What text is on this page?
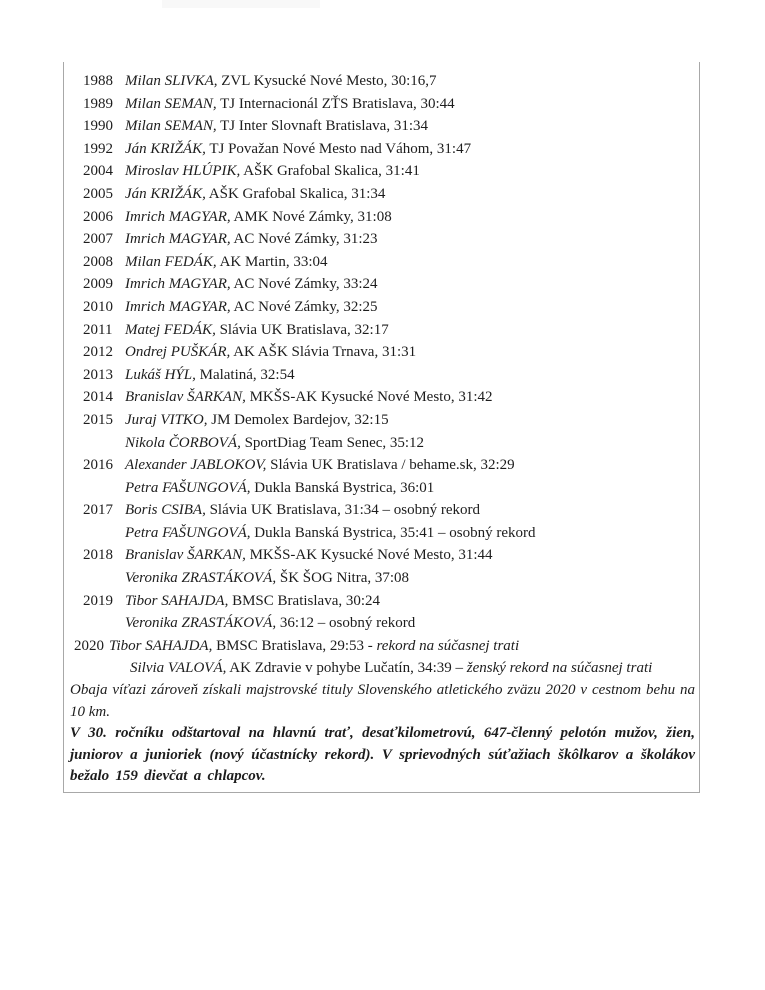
1988 Milan SLIVKA, ZVL Kysucké Nové Mesto, 30:16,7
1989 Milan SEMAN, TJ Internacionál ZŤS Bratislava, 30:44
1990 Milan SEMAN, TJ Inter Slovnaft Bratislava, 31:34
1992 Ján KRIŽÁK, TJ Považan Nové Mesto nad Váhom, 31:47
2004 Miroslav HLÚPIK, AŠK Grafobal Skalica, 31:41
2005 Ján KRIŽÁK, AŠK Grafobal Skalica, 31:34
2006 Imrich MAGYAR, AMK Nové Zámky, 31:08
2007 Imrich MAGYAR, AC Nové Zámky, 31:23
2008 Milan FEDÁK, AK Martin, 33:04
2009 Imrich MAGYAR, AC Nové Zámky, 33:24
2010 Imrich MAGYAR, AC Nové Zámky, 32:25
2011 Matej FEDÁK, Slávia UK Bratislava, 32:17
2012 Ondrej PUŠKÁR, AK AŠK Slávia Trnava, 31:31
2013 Lukáš HÝL, Malatiná, 32:54
2014 Branislav ŠARKAN, MKŠS-AK Kysucké Nové Mesto, 31:42
2015 Juraj VITKO, JM Demolex Bardejov, 32:15
Nikola ČORBOVÁ, SportDiag Team Senec, 35:12
2016 Alexander JABLOKOV, Slávia UK Bratislava / behame.sk, 32:29
Petra FAŠUNGOVÁ, Dukla Banská Bystrica, 36:01
2017 Boris CSIBA, Slávia UK Bratislava, 31:34 – osobný rekord
Petra FAŠUNGOVÁ, Dukla Banská Bystrica, 35:41 – osobný rekord
2018 Branislav ŠARKAN, MKŠS-AK Kysucké Nové Mesto, 31:44
Veronika ZRASTÁKOVÁ, ŠK ŠOG Nitra, 37:08
2019 Tibor SAHAJDA, BMSC Bratislava, 30:24
Veronika ZRASTÁKOVÁ, 36:12 – osobný rekord
2020 Tibor SAHAJDA, BMSC Bratislava, 29:53 - rekord na súčasnej trati
Silvia VALOVÁ, AK Zdravie v pohybe Lučatín, 34:39 – ženský rekord na súčasnej trati

Obaja víťazi zároveň získali majstrovské tituly Slovenského atletického zväzu 2020 v cestnom behu na 10 km.

V 30. ročníku odštartoval na hlavnú trať, desaťkilometrovú, 647-členný pelotón mužov, žien, juniorov a junioriek (nový účastnícky rekord). V sprievodných súťažiach škôlkarov a školákov bežalo 159 dievčat a chlapcov.
